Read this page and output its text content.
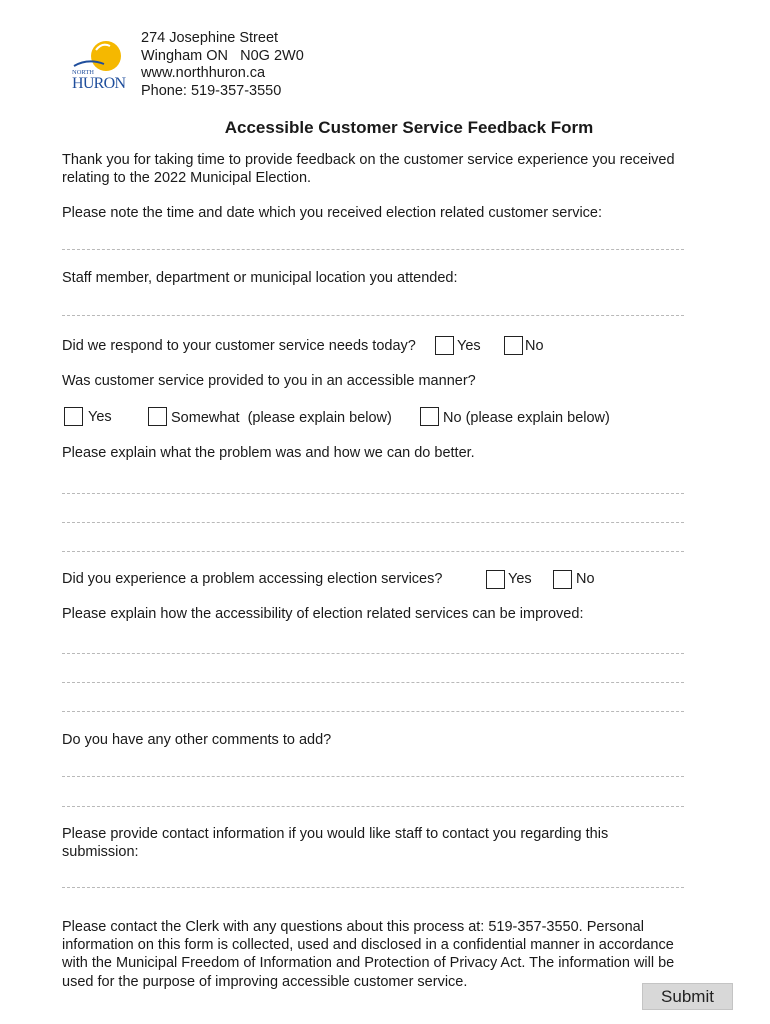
NORTH
HURON
274 Josephine Street
Wingham ON   N0G 2W0
www.northhuron.ca
Phone: 519-357-3550
Accessible Customer Service Feedback Form
Thank you for taking time to provide feedback on the customer service experience you received relating to the 2022 Municipal Election.
Please note the time and date which you received election related customer service:
Staff member, department or municipal location you attended:
Did we respond to your customer service needs today?	Yes	No
Was customer service provided to you in an accessible manner?
Yes	Somewhat  (please explain below)	No (please explain below)
Please explain what the problem was and how we can do better.
Did you experience a problem accessing election services?	Yes	No
Please explain how the accessibility of election related services can be improved:
Do you have any other comments to add?
Please provide contact information if you would like staff to contact you regarding this submission:
Please contact the Clerk with any questions about this process at: 519-357-3550. Personal information on this form is collected, used and disclosed in a confidential manner in accordance with the Municipal Freedom of Information and Protection of Privacy Act. The information will be used for the purpose of improving accessible customer service.
Submit
